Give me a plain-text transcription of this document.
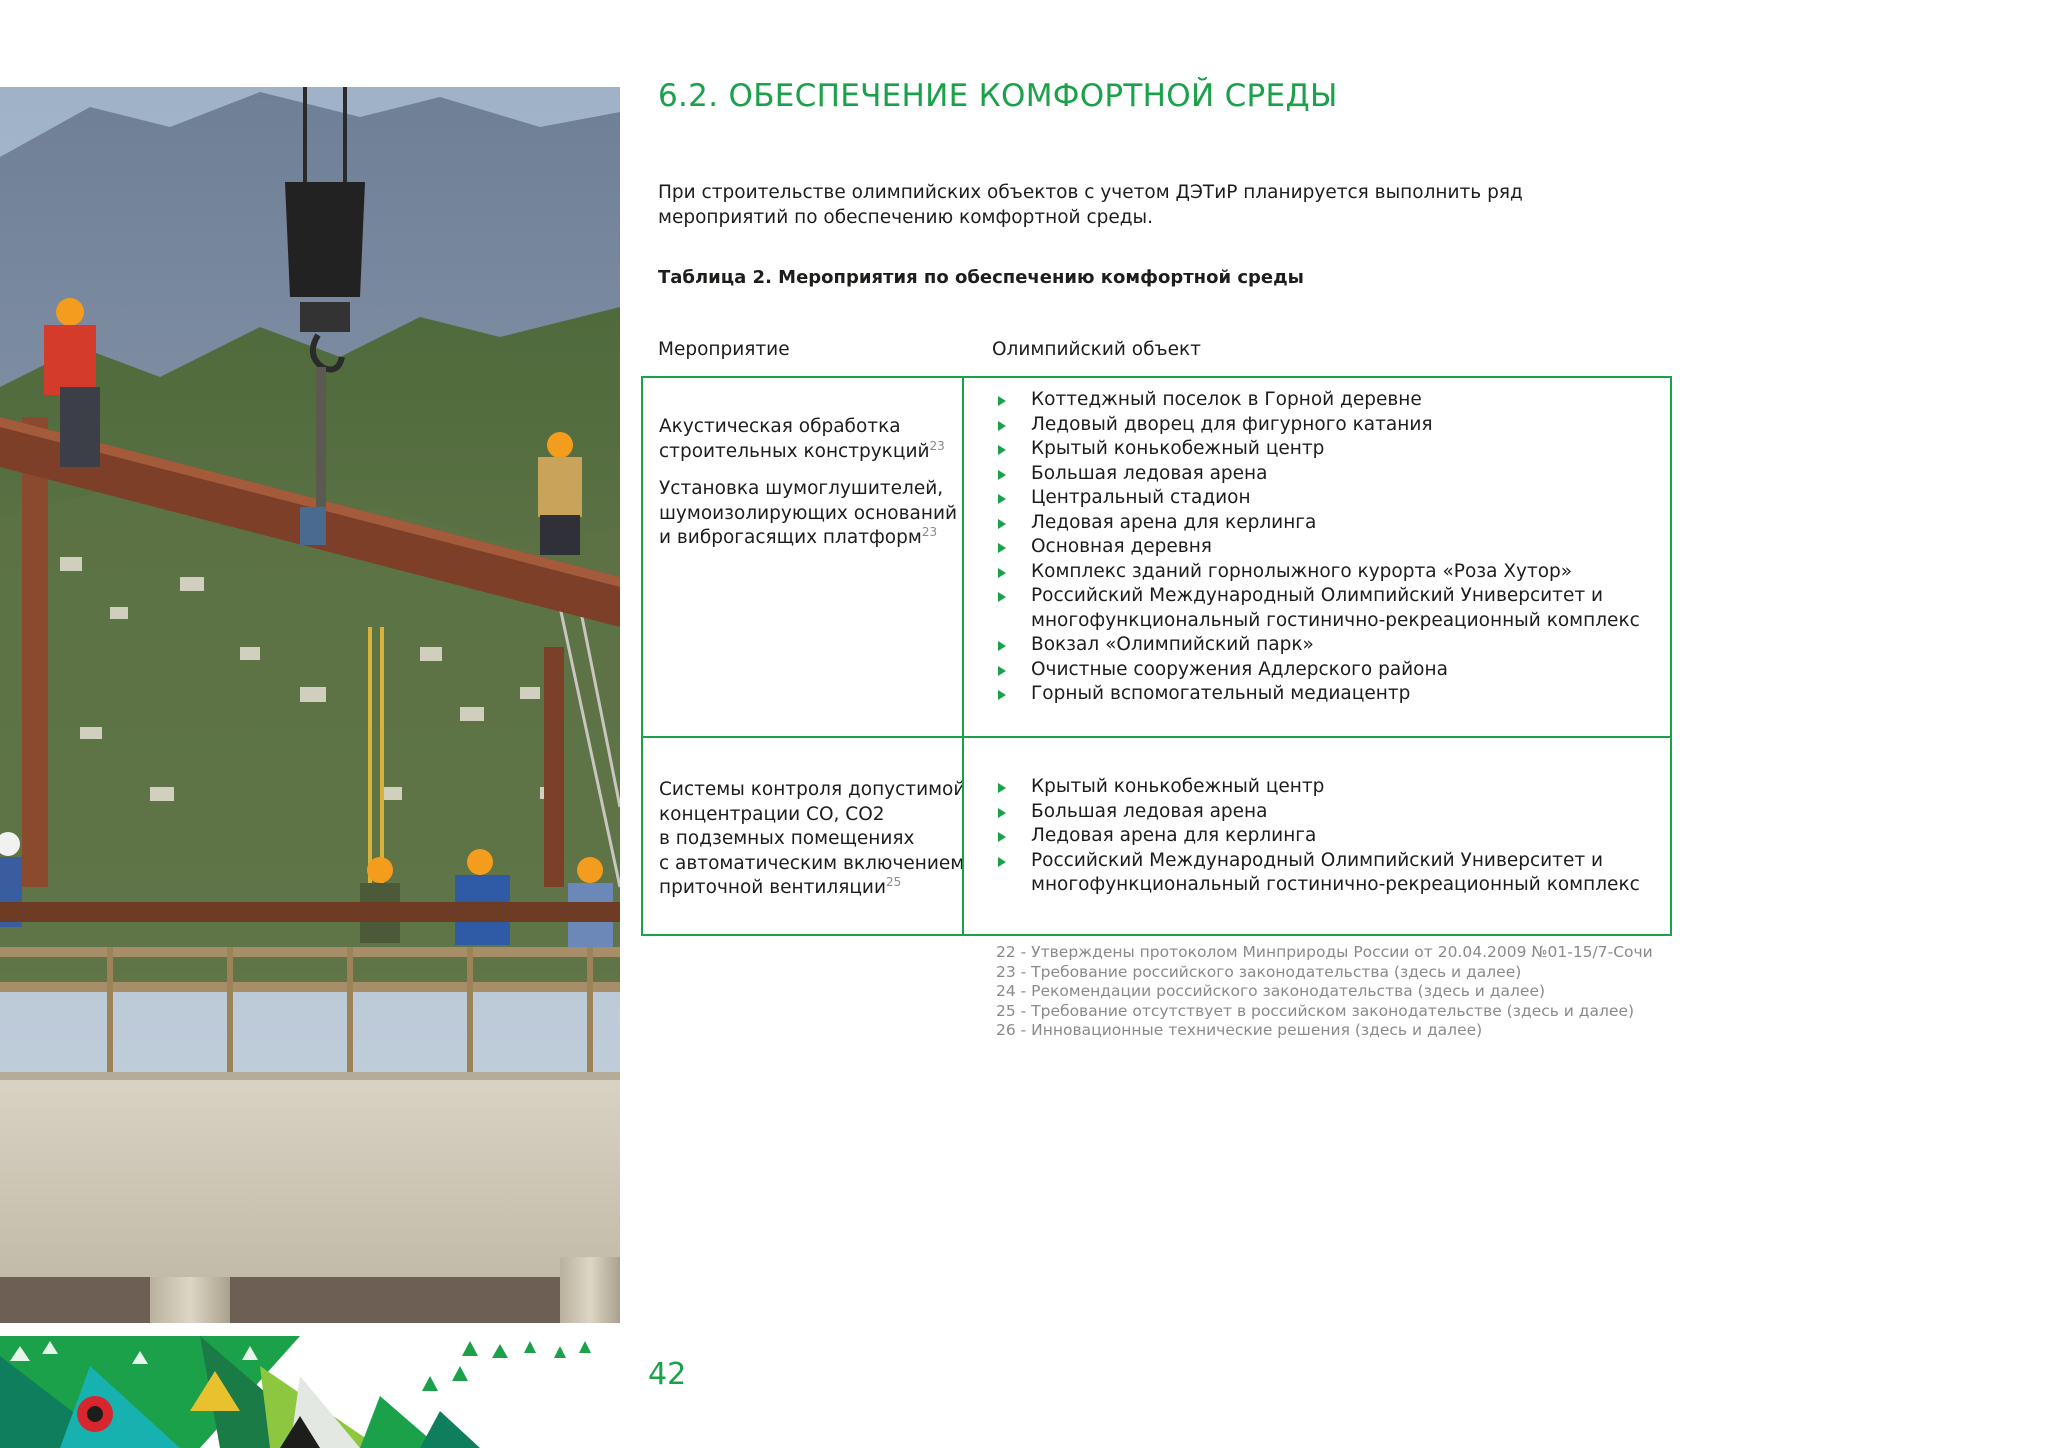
6.2. ОБЕСПЕЧЕНИЕ КОМФОРТНОЙ СРЕДЫ
При строительстве олимпийских объектов с учетом ДЭТиР планируется выполнить ряд
мероприятий по обеспечению комфортной среды.
Таблица 2. Мероприятия по обеспечению комфортной среды
Мероприятие	Олимпийский объект

Акустическая обработка
строительных конструкций$^{23}$

Установка шумоглушителей,
шумоизолирующих оснований
и виброгасящих платформ$^{23}$

Коттеджный поселок в Горной деревне
Ледовый дворец для фигурного катания
Крытый конькобежный центр
Большая ледовая арена
Центральный стадион
Ледовая арена для керлинга
Основная деревня
Комплекс зданий горнолыжного курорта «Роза Хутор»
Российский Международный Олимпийский Университет и
многофункциональный гостинично-рекреационный комплекс
Вокзал «Олимпийский парк»
Очистные сооружения Адлерского района
Горный вспомогательный медиацентр

Системы контроля допустимой
концентрации СО, СО2
в подземных помещениях
с автоматическим включением
приточной вентиляции$^{25}$

Крытый конькобежный центр
Большая ледовая арена
Ледовая арена для керлинга
Российский Международный Олимпийский Университет и
многофункциональный гостинично-рекреационный комплекс
22 - Утверждены протоколом Минприроды России от 20.04.2009 №01-15/7-Сочи
23 - Требование российского законодательства (здесь и далее)
24 - Рекомендации российского законодательства (здесь и далее)
25 - Требование отсутствует в российском законодательстве (здесь и далее)
26 - Инновационные технические решения (здесь и далее)
42
